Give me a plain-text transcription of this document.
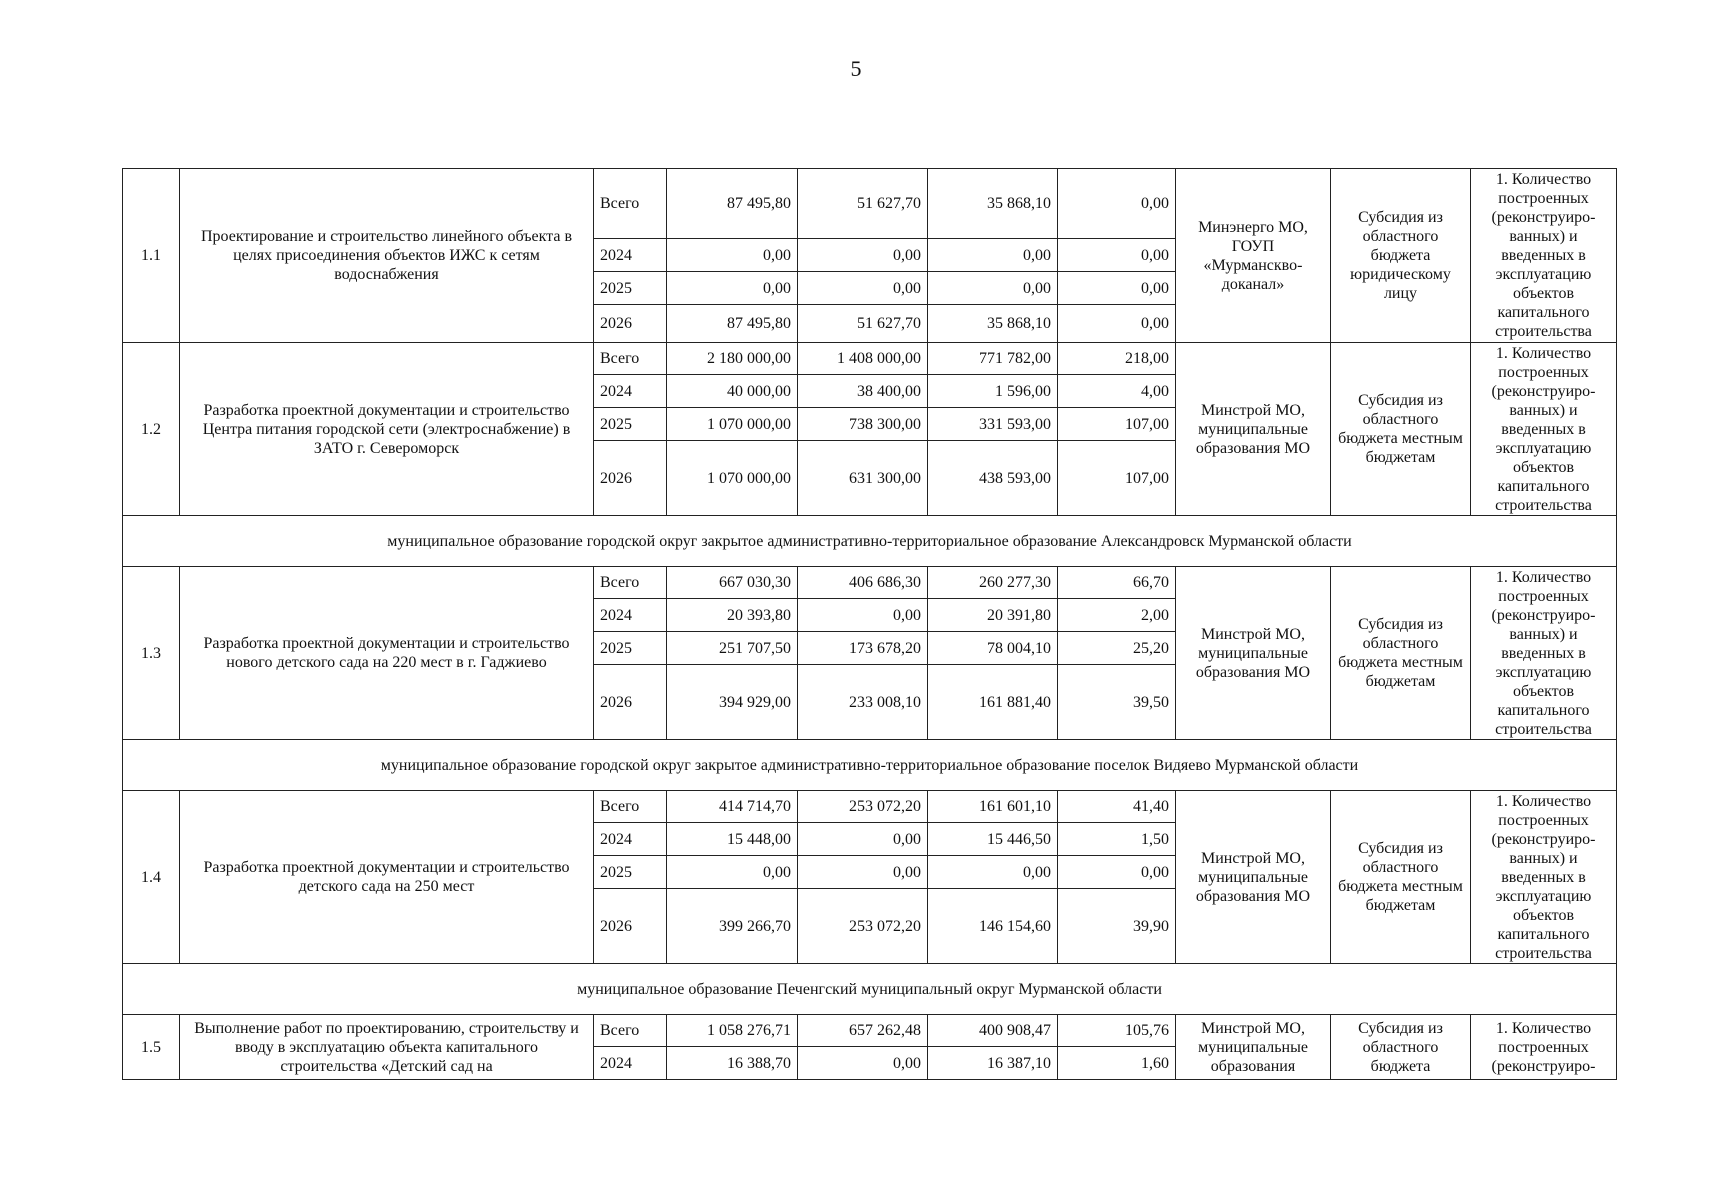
5
1.1	Проектирование и строительство линейного объекта в целях присоединения объектов ИЖС к сетям водоснабжения	Всего	87 495,80	51 627,70	35 868,10	0,00	Минэнерго МО, ГОУП «Мурманскво-доканал»	Субсидия из областного бюджета юридическому лицу	1. Количество построенных (реконструиро-ванных) и введенных в эксплуатацию объектов капитального строительства
		2024	0,00	0,00	0,00	0,00			
		2025	0,00	0,00	0,00	0,00			
		2026	87 495,80	51 627,70	35 868,10	0,00			
1.2	Разработка проектной документации и строительство Центра питания городской сети (электроснабжение) в ЗАТО г. Североморск	Всего	2 180 000,00	1 408 000,00	771 782,00	218,00	Минстрой МО, муниципальные образования МО	Субсидия из областного бюджета местным бюджетам	1. Количество построенных (реконструиро-ванных) и введенных в эксплуатацию объектов капитального строительства
		2024	40 000,00	38 400,00	1 596,00	4,00			
		2025	1 070 000,00	738 300,00	331 593,00	107,00			
		2026	1 070 000,00	631 300,00	438 593,00	107,00			
муниципальное образование городской округ закрытое административно-территориальное образование Александровск Мурманской области									
1.3	Разработка проектной документации и строительство нового детского сада на 220 мест в г. Гаджиево	Всего	667 030,30	406 686,30	260 277,30	66,70	Минстрой МО, муниципальные образования МО	Субсидия из областного бюджета местным бюджетам	1. Количество построенных (реконструиро-ванных) и введенных в эксплуатацию объектов капитального строительства
		2024	20 393,80	0,00	20 391,80	2,00			
		2025	251 707,50	173 678,20	78 004,10	25,20			
		2026	394 929,00	233 008,10	161 881,40	39,50			
муниципальное образование городской округ закрытое административно-территориальное образование поселок Видяево Мурманской области									
1.4	Разработка проектной документации и строительство детского сада на 250 мест	Всего	414 714,70	253 072,20	161 601,10	41,40	Минстрой МО, муниципальные образования МО	Субсидия из областного бюджета местным бюджетам	1. Количество построенных (реконструиро-ванных) и введенных в эксплуатацию объектов капитального строительства
		2024	15 448,00	0,00	15 446,50	1,50			
		2025	0,00	0,00	0,00	0,00			
		2026	399 266,70	253 072,20	146 154,60	39,90			
муниципальное образование Печенгский муниципальный округ Мурманской области									
1.5	Выполнение работ по проектированию, строительству и вводу в эксплуатацию объекта капитального строительства «Детский сад на	Всего	1 058 276,71	657 262,48	400 908,47	105,76	Минстрой МО, муниципальные образования	Субсидия из областного бюджета	1. Количество построенных (реконструиро-
		2024	16 388,70	0,00	16 387,10	1,60			
